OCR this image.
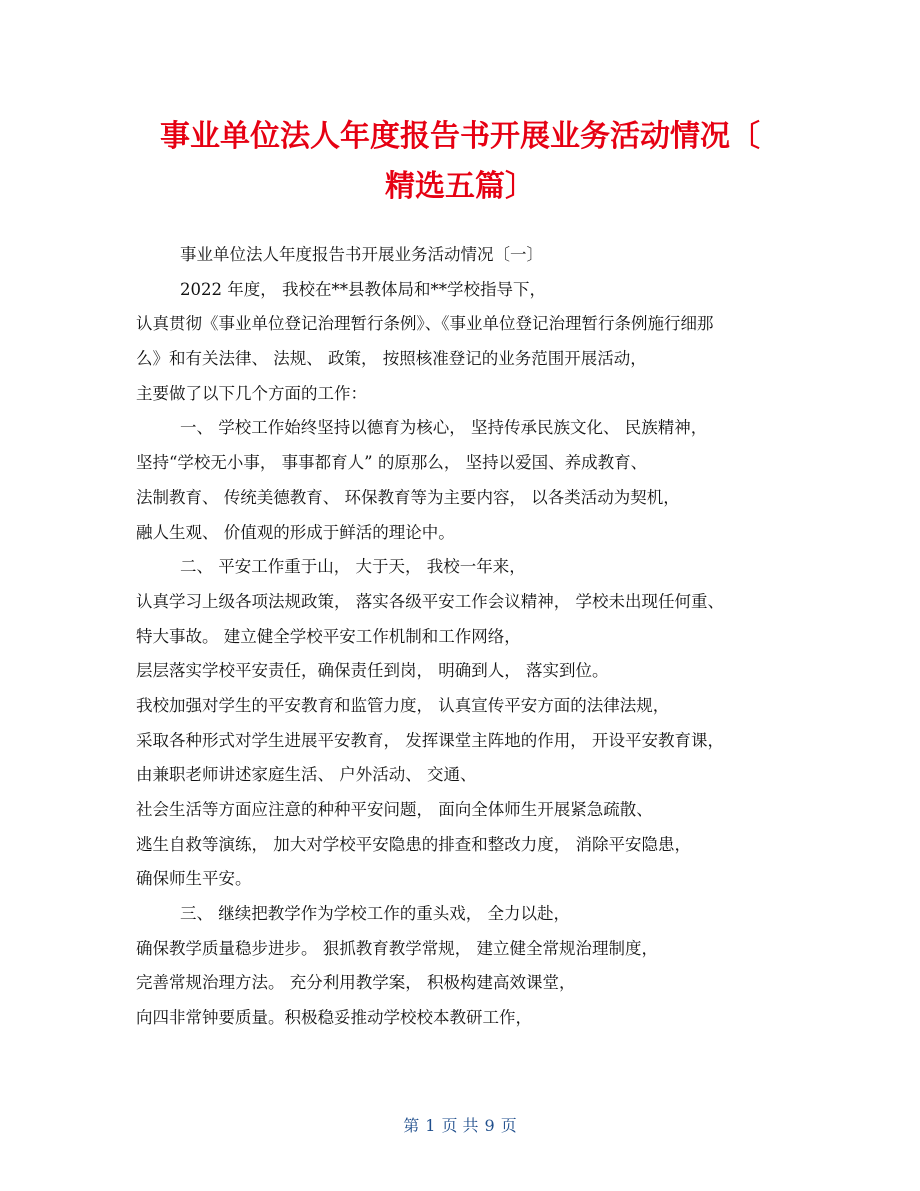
事业单位法人年度报告书开展业务活动情况〔
精选五篇〕
事业单位法人年度报告书开展业务活动情况〔一〕
2022 年度， 我校在**县教体局和**学校指导下，
认真贯彻《事业单位登记治理暂行条例》、《事业单位登记治理暂行条例施行细那
么》和有关法律、 法规、 政策， 按照核准登记的业务范围开展活动，
主要做了以下几个方面的工作：
一、 学校工作始终坚持以德育为核心， 坚持传承民族文化、 民族精神，
坚持“学校无小事， 事事都育人” 的原那么， 坚持以爱国、养成教育、
法制教育、 传统美德教育、 环保教育等为主要内容， 以各类活动为契机，
融人生观、 价值观的形成于鲜活的理论中。
二、 平安工作重于山， 大于天， 我校一年来，
认真学习上级各项法规政策， 落实各级平安工作会议精神， 学校未出现任何重、
特大事故。 建立健全学校平安工作机制和工作网络，
层层落实学校平安责任，确保责任到岗， 明确到人， 落实到位。
我校加强对学生的平安教育和监管力度， 认真宣传平安方面的法律法规，
采取各种形式对学生进展平安教育， 发挥课堂主阵地的作用， 开设平安教育课，
由兼职老师讲述家庭生活、 户外活动、 交通、
社会生活等方面应注意的种种平安问题， 面向全体师生开展紧急疏散、
逃生自救等演练， 加大对学校平安隐患的排查和整改力度， 消除平安隐患，
确保师生平安。
三、 继续把教学作为学校工作的重头戏， 全力以赴，
确保教学质量稳步进步。 狠抓教育教学常规， 建立健全常规治理制度，
完善常规治理方法。 充分利用教学案， 积极构建高效课堂，
向四非常钟要质量。积极稳妥推动学校校本教研工作，
第 1 页 共 9 页
